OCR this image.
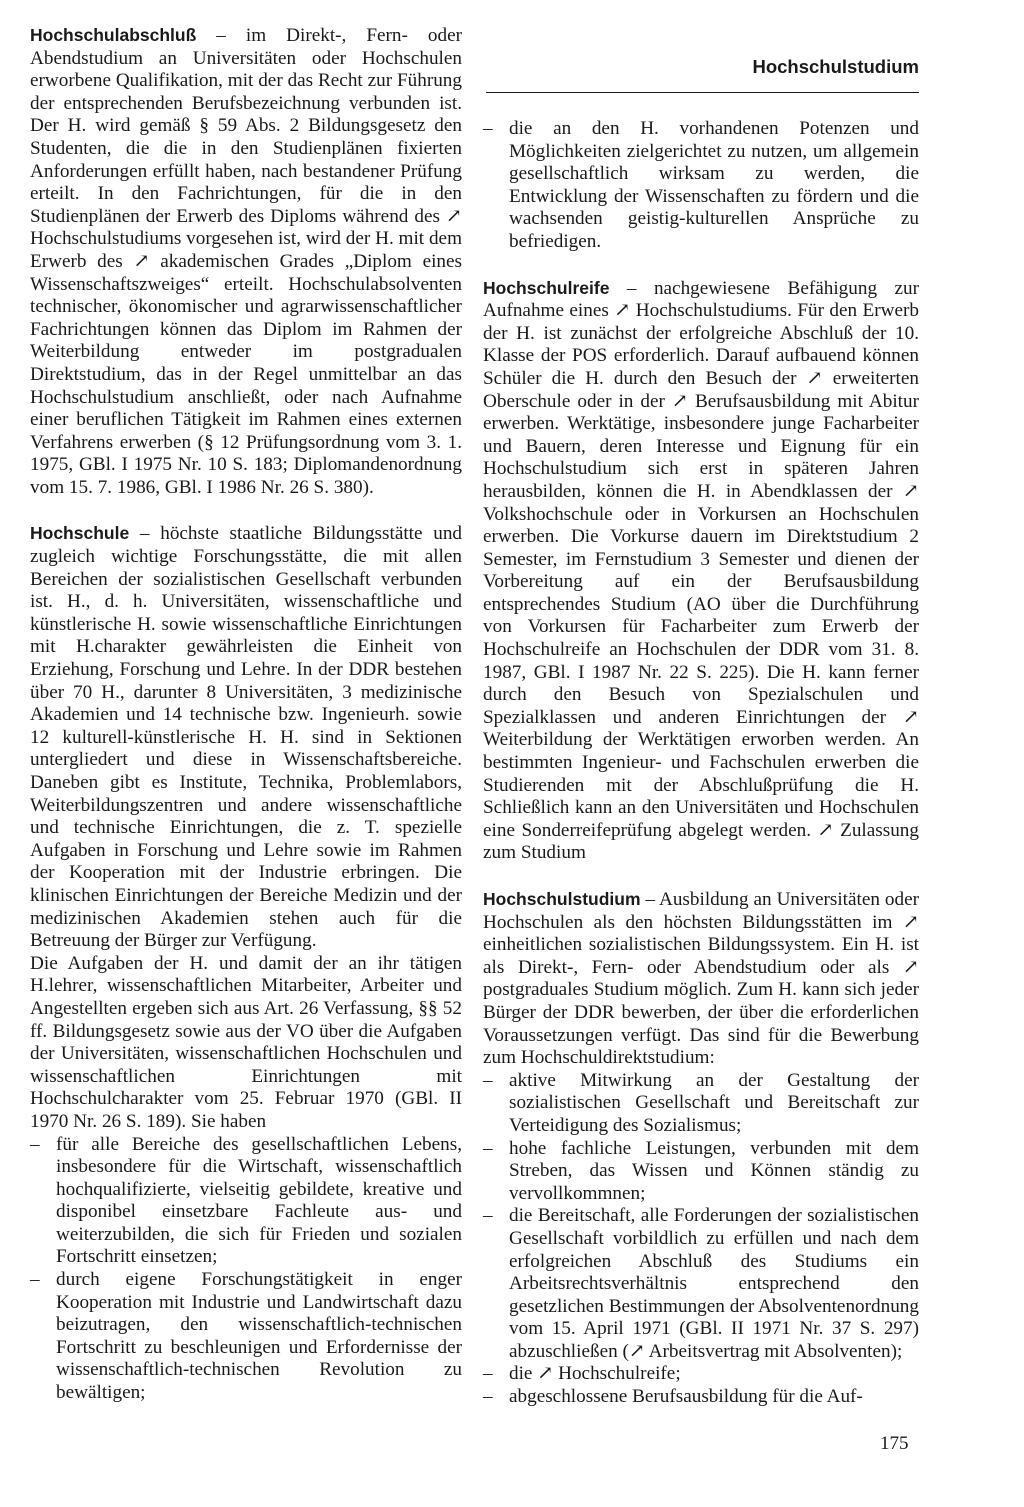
Hochschulstudium

Hochschulabschluß – im Direkt-, Fern- oder Abendstudium an Universitäten oder Hochschulen erworbene Qualifikation, mit der das Recht zur Führung der entsprechenden Berufsbezeichnung verbunden ist. Der H. wird gemäß § 59 Abs. 2 Bildungsgesetz den Studenten, die die in den Studienplänen fixierten Anforderungen erfüllt haben, nach bestandener Prüfung erteilt. In den Fachrichtungen, für die in den Studienplänen der Erwerb des Diploms während des ↗ Hochschulstudiums vorgesehen ist, wird der H. mit dem Erwerb des ↗ akademischen Grades „Diplom eines Wissenschaftszweiges“ erteilt. Hochschulabsolventen technischer, ökonomischer und agrarwissenschaftlicher Fachrichtungen können das Diplom im Rahmen der Weiterbildung entweder im postgradualen Direktstudium, das in der Regel unmittelbar an das Hochschulstudium anschließt, oder nach Aufnahme einer beruflichen Tätigkeit im Rahmen eines externen Verfahrens erwerben (§ 12 Prüfungsordnung vom 3. 1. 1975, GBl. I 1975 Nr. 10 S. 183; Diplomandenordnung vom 15. 7. 1986, GBl. I 1986 Nr. 26 S. 380).

Hochschule – höchste staatliche Bildungsstätte und zugleich wichtige Forschungsstätte, die mit allen Bereichen der sozialistischen Gesellschaft verbunden ist. H., d. h. Universitäten, wissenschaftliche und künstlerische H. sowie wissenschaftliche Einrichtungen mit H.charakter gewährleisten die Einheit von Erziehung, Forschung und Lehre. In der DDR bestehen über 70 H., darunter 8 Universitäten, 3 medizinische Akademien und 14 technische bzw. Ingenieurh. sowie 12 kulturell-künstlerische H. H. sind in Sektionen untergliedert und diese in Wissenschaftsbereiche. Daneben gibt es Institute, Technika, Problemlabors, Weiterbildungszentren und andere wissenschaftliche und technische Einrichtungen, die z. T. spezielle Aufgaben in Forschung und Lehre sowie im Rahmen der Kooperation mit der Industrie erbringen. Die klinischen Einrichtungen der Bereiche Medizin und der medizinischen Akademien stehen auch für die Betreuung der Bürger zur Verfügung.

Die Aufgaben der H. und damit der an ihr tätigen H.lehrer, wissenschaftlichen Mitarbeiter, Arbeiter und Angestellten ergeben sich aus Art. 26 Verfassung, §§ 52 ff. Bildungsgesetz sowie aus der VO über die Aufgaben der Universitäten, wissenschaftlichen Hochschulen und wissenschaftlichen Einrichtungen mit Hochschulcharakter vom 25. Februar 1970 (GBl. II 1970 Nr. 26 S. 189). Sie haben

– für alle Bereiche des gesellschaftlichen Lebens, insbesondere für die Wirtschaft, wissenschaftlich hochqualifizierte, vielseitig gebildete, kreative und disponibel einsetzbare Fachleute aus- und weiterzubilden, die sich für Frieden und sozialen Fortschritt einsetzen;
– durch eigene Forschungstätigkeit in enger Kooperation mit Industrie und Landwirtschaft dazu beizutragen, den wissenschaftlich-technischen Fortschritt zu beschleunigen und Erfordernisse der wissenschaftlich-technischen Revolution zu bewältigen;
– die an den H. vorhandenen Potenzen und Möglichkeiten zielgerichtet zu nutzen, um allgemein gesellschaftlich wirksam zu werden, die Entwicklung der Wissenschaften zu fördern und die wachsenden geistig-kulturellen Ansprüche zu befriedigen.

Hochschulreife – nachgewiesene Befähigung zur Aufnahme eines ↗ Hochschulstudiums. Für den Erwerb der H. ist zunächst der erfolgreiche Abschluß der 10. Klasse der POS erforderlich. Darauf aufbauend können Schüler die H. durch den Besuch der ↗ erweiterten Oberschule oder in der ↗ Berufsausbildung mit Abitur erwerben. Werktätige, insbesondere junge Facharbeiter und Bauern, deren Interesse und Eignung für ein Hochschulstudium sich erst in späteren Jahren herausbilden, können die H. in Abendklassen der ↗ Volkshochschule oder in Vorkursen an Hochschulen erwerben. Die Vorkurse dauern im Direktstudium 2 Semester, im Fernstudium 3 Semester und dienen der Vorbereitung auf ein der Berufsausbildung entsprechendes Studium (AO über die Durchführung von Vorkursen für Facharbeiter zum Erwerb der Hochschulreife an Hochschulen der DDR vom 31. 8. 1987, GBl. I 1987 Nr. 22 S. 225). Die H. kann ferner durch den Besuch von Spezialschulen und Spezialklassen und anderen Einrichtungen der ↗ Weiterbildung der Werktätigen erworben werden. An bestimmten Ingenieur- und Fachschulen erwerben die Studierenden mit der Abschlußprüfung die H. Schließlich kann an den Universitäten und Hochschulen eine Sonderreifeprüfung abgelegt werden. ↗ Zulassung zum Studium

Hochschulstudium – Ausbildung an Universitäten oder Hochschulen als den höchsten Bildungsstätten im ↗ einheitlichen sozialistischen Bildungssystem. Ein H. ist als Direkt-, Fern- oder Abendstudium oder als ↗ postgraduales Studium möglich. Zum H. kann sich jeder Bürger der DDR bewerben, der über die erforderlichen Voraussetzungen verfügt. Das sind für die Bewerbung zum Hochschuldirektstudium:

– aktive Mitwirkung an der Gestaltung der sozialistischen Gesellschaft und Bereitschaft zur Verteidigung des Sozialismus;
– hohe fachliche Leistungen, verbunden mit dem Streben, das Wissen und Können ständig zu vervollkommnen;
– die Bereitschaft, alle Forderungen der sozialistischen Gesellschaft vorbildlich zu erfüllen und nach dem erfolgreichen Abschluß des Studiums ein Arbeitsrechtsverhältnis entsprechend den gesetzlichen Bestimmungen der Absolventenordnung vom 15. April 1971 (GBl. II 1971 Nr. 37 S. 297) abzuschließen (↗ Arbeitsvertrag mit Absolventen);
– die ↗ Hochschulreife;
– abgeschlossene Berufsausbildung für die Auf-
175
